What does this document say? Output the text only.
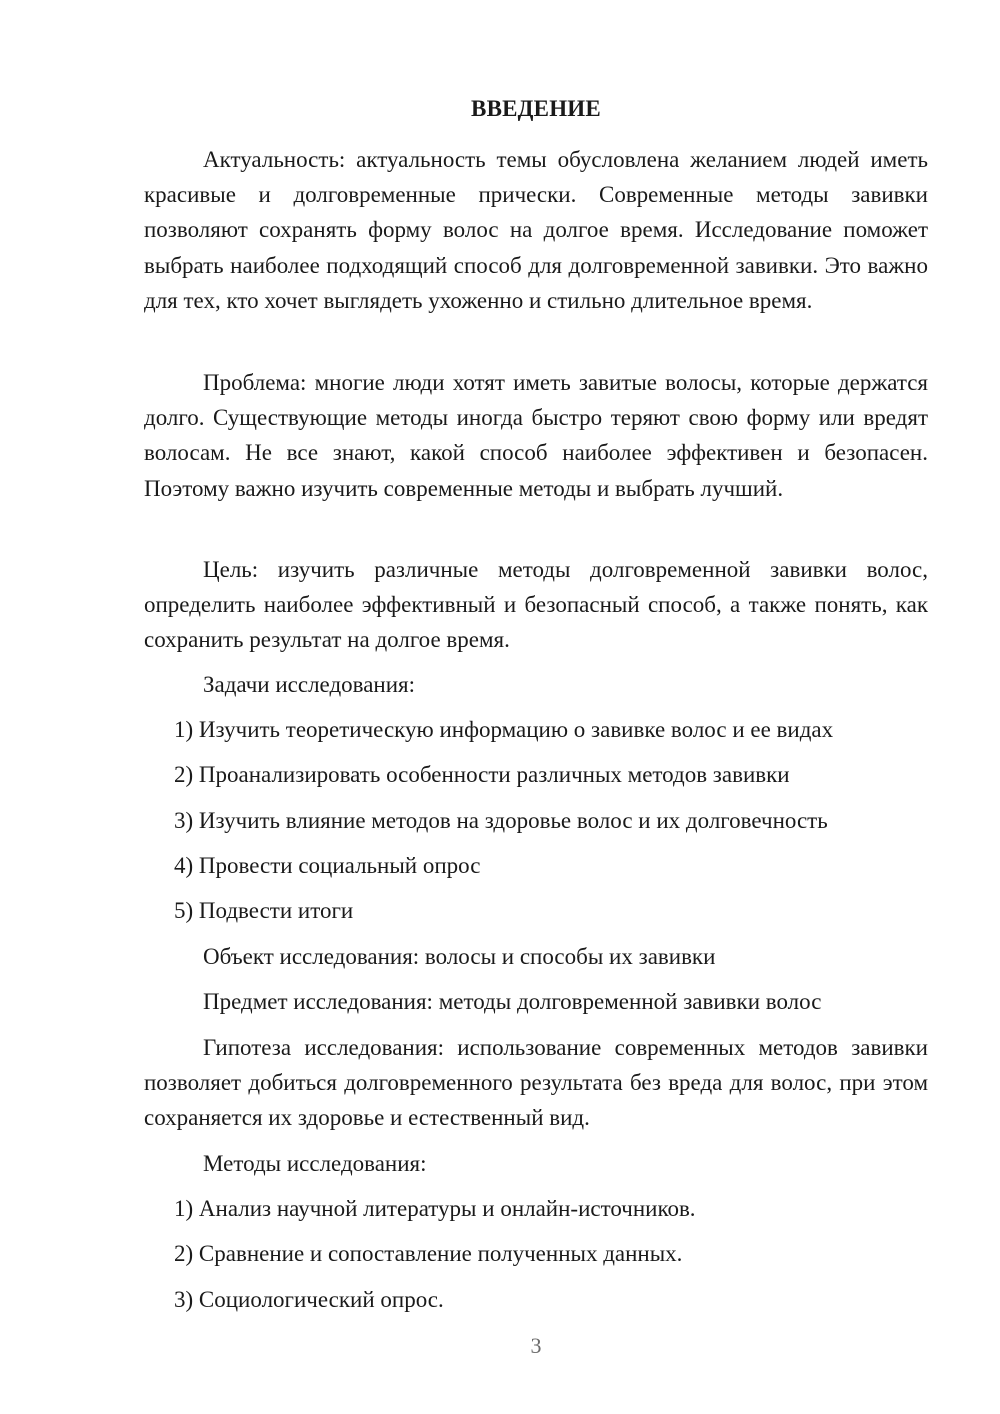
ВВЕДЕНИЕ

Актуальность: актуальность темы обусловлена желанием людей иметь красивые и долговременные прически. Современные методы завивки позволяют сохранять форму волос на долгое время. Исследование поможет выбрать наиболее подходящий способ для долговременной завивки. Это важно для тех, кто хочет выглядеть ухоженно и стильно длительное время.

Проблема: многие люди хотят иметь завитые волосы, которые держатся долго. Существующие методы иногда быстро теряют свою форму или вредят волосам. Не все знают, какой способ наиболее эффективен и безопасен. Поэтому важно изучить современные методы и выбрать лучший.

Цель: изучить различные методы долговременной завивки волос, определить наиболее эффективный и безопасный способ, а также понять, как сохранить результат на долгое время.

Задачи исследования:

1) Изучить теоретическую информацию о завивке волос и ее видах

2) Проанализировать особенности различных методов завивки

3) Изучить влияние методов на здоровье волос и их долговечность

4) Провести социальный опрос

5) Подвести итоги

Объект исследования: волосы и способы их завивки

Предмет исследования: методы долговременной завивки волос

Гипотеза исследования: использование современных методов завивки позволяет добиться долговременного результата без вреда для волос, при этом сохраняется их здоровье и естественный вид.

Методы исследования:

1) Анализ научной литературы и онлайн-источников.

2) Сравнение и сопоставление полученных данных.

3) Социологический опрос.

3
